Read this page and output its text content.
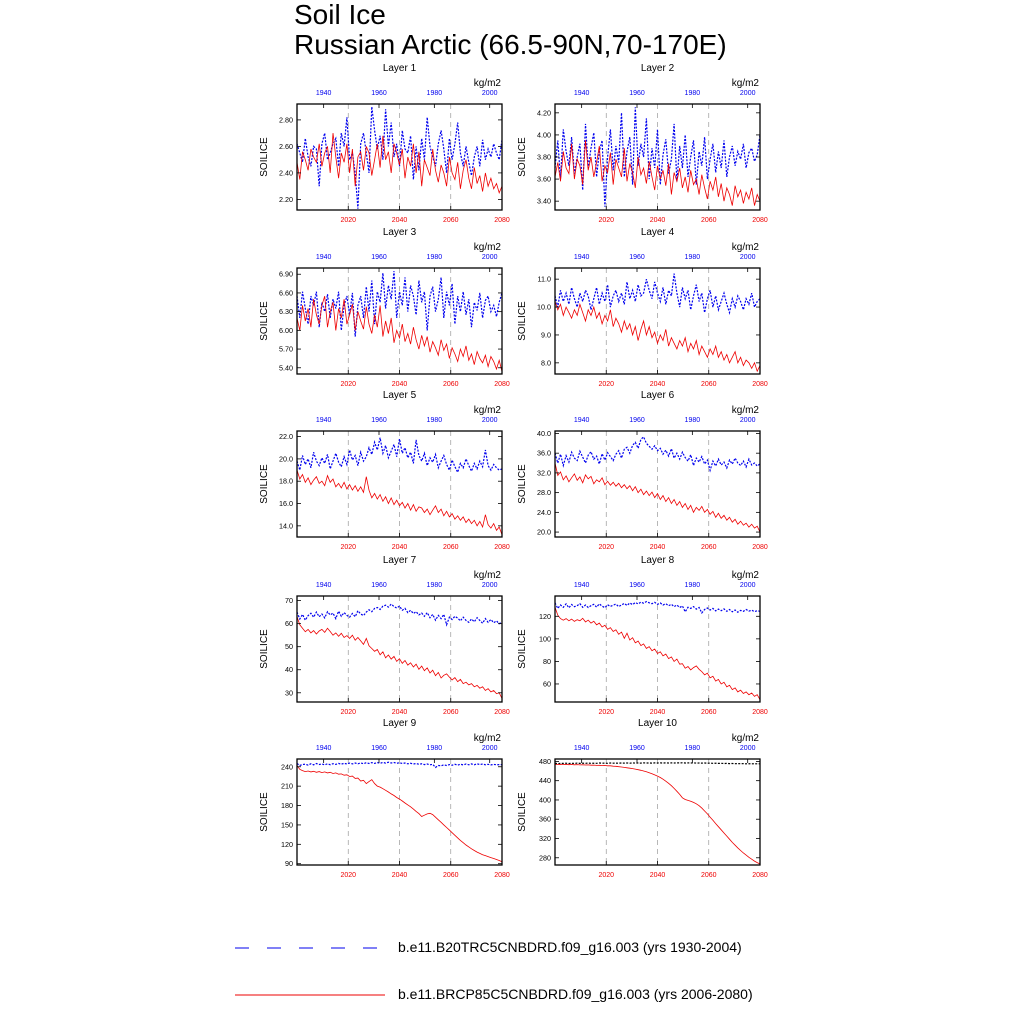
Soil Ice
Russian Arctic (66.5-90N,70-170E)
Layer 1
kg/m2
2.20
2.40
2.60
2.80
SOILICE
2020	2040	2060	2080
1940	1960	1980	2000
Layer 2
kg/m2
3.40
3.60
3.80
4.00
4.20
SOILICE
2020	2040	2060	2080
1940	1960	1980	2000
Layer 3
kg/m2
5.40
5.70
6.00
6.30
6.60
6.90
SOILICE
2020	2040	2060	2080
1940	1960	1980	2000
Layer 4
kg/m2
8.0
9.0
10.0
11.0
SOILICE
2020	2040	2060	2080
1940	1960	1980	2000
Layer 5
kg/m2
14.0
16.0
18.0
20.0
22.0
SOILICE
2020	2040	2060	2080
1940	1960	1980	2000
Layer 6
kg/m2
20.0
24.0
28.0
32.0
36.0
40.0
SOILICE
2020	2040	2060	2080
1940	1960	1980	2000
Layer 7
kg/m2
30
40
50
60
70
SOILICE
2020	2040	2060	2080
1940	1960	1980	2000
Layer 8
kg/m2
60
80
100
120
SOILICE
2020	2040	2060	2080
1940	1960	1980	2000
Layer 9
kg/m2
90
120
150
180
210
240
SOILICE
2020	2040	2060	2080
1940	1960	1980	2000
Layer 10
kg/m2
280
320
360
400
440
480
SOILICE
2020	2040	2060	2080
1940	1960	1980	2000
b.e11.B20TRC5CNBDRD.f09_g16.003 (yrs 1930-2004)
b.e11.BRCP85C5CNBDRD.f09_g16.003 (yrs 2006-2080)
